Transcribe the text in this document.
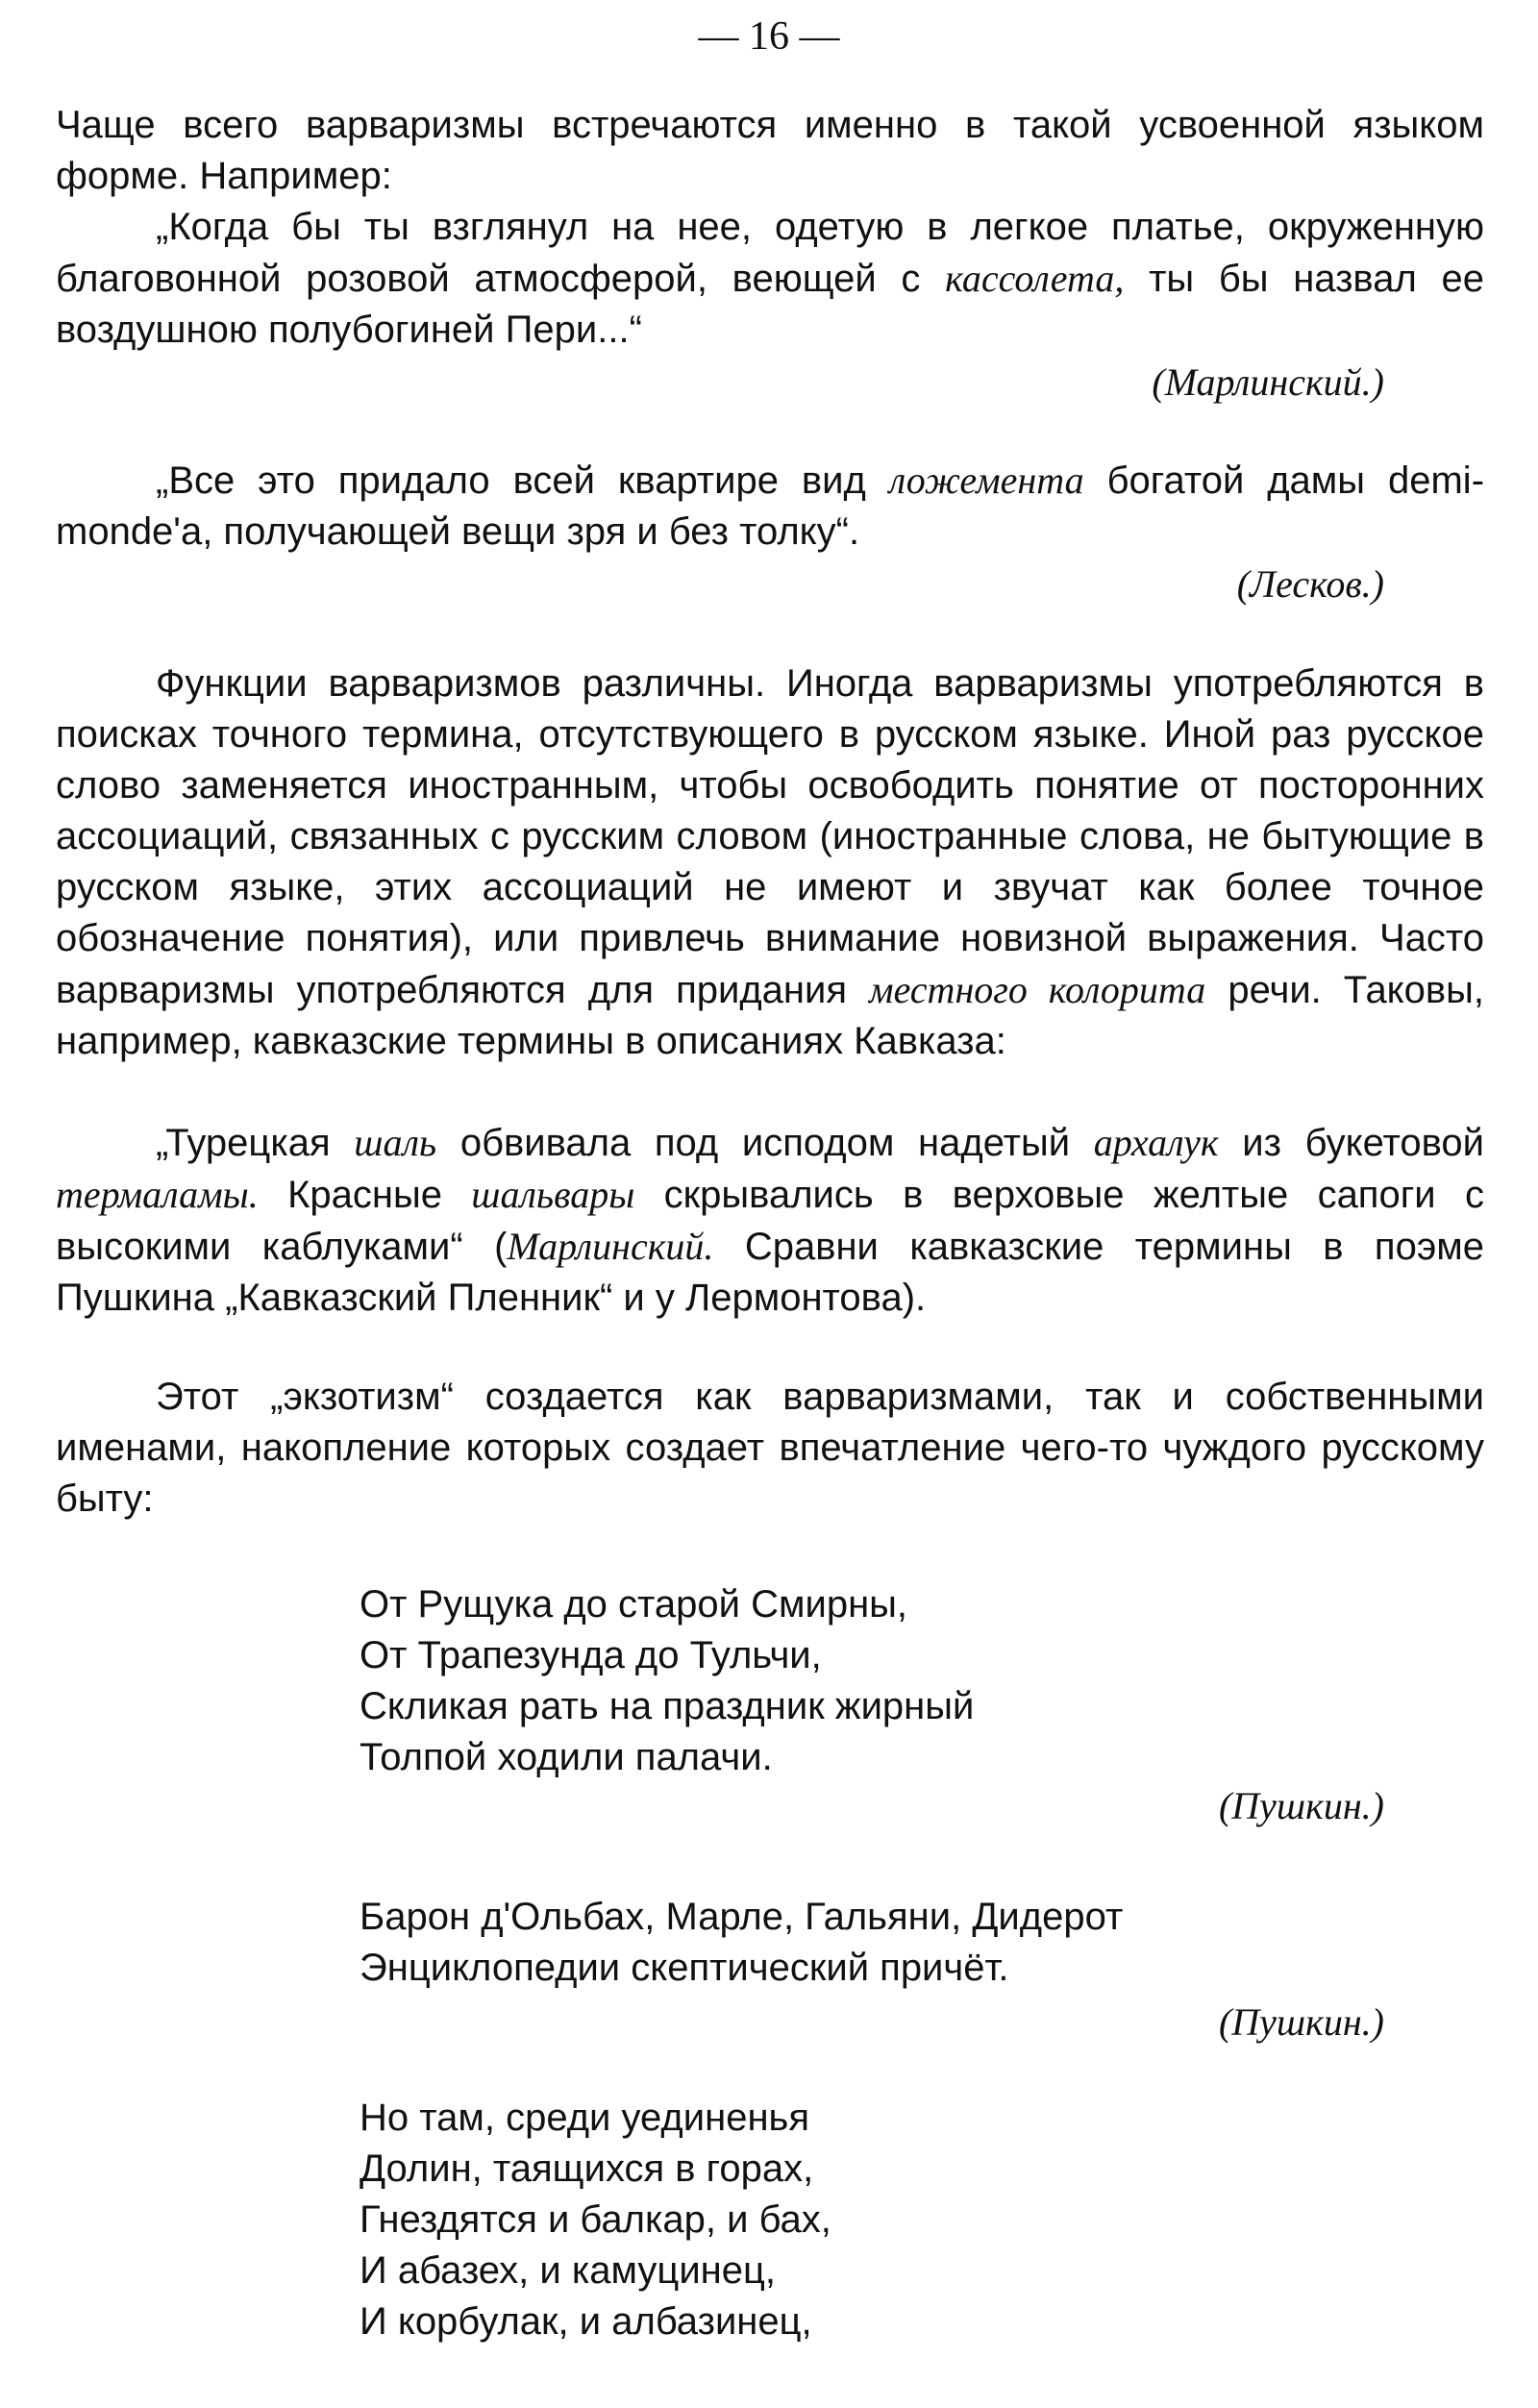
— 16 —

Чаще всего варваризмы встречаются именно в такой усвоенной языком форме. Например:

„Когда бы ты взглянул на нее, одетую в легкое платье, окруженную благовонной розовой атмосферой, веющей с кассолета, ты бы назвал ее воздушною полубогиней Пери...“

(Марлинский.)

„Все это придало всей квартире вид ложемента богатой дамы demi-monde'а, получающей вещи зря и без толку“.

(Лесков.)

Функции варваризмов различны. Иногда варваризмы употребляются в поисках точного термина, отсутствующего в русском языке. Иной раз русское слово заменяется иностранным, чтобы освободить понятие от посторонних ассоциаций, связанных с русским словом (иностранные слова, не бытующие в русском языке, этих ассоциаций не имеют и звучат как более точное обозначение понятия), или привлечь внимание новизной выражения. Часто варваризмы употребляются для придания местного колорита речи. Таковы, например, кавказские термины в описаниях Кавказа:

„Турецкая шаль обвивала под исподом надетый архалук из букетовой термаламы. Красные шальвары скрывались в верховые желтые сапоги с высокими каблуками“ (Марлинский. Сравни кавказские термины в поэме Пушкина „Кавказский Пленник“ и у Лермонтова).

Этот „экзотизм“ создается как варваризмами, так и собственными именами, накопление которых создает впечатление чего-то чуждого русскому быту:

От Рущука до старой Смирны,
От Трапезунда до Тульчи,
Скликая рать на праздник жирный
Толпой ходили палачи.

(Пушкин.)

Барон д'Ольбах, Марле, Гальяни, Дидерот
Энциклопедии скептический причёт.

(Пушкин.)

Но там, среди уединенья
Долин, таящихся в горах,
Гнездятся и балкар, и бах,
И абазех, и камуцинец,
И корбулак, и албазинец,
